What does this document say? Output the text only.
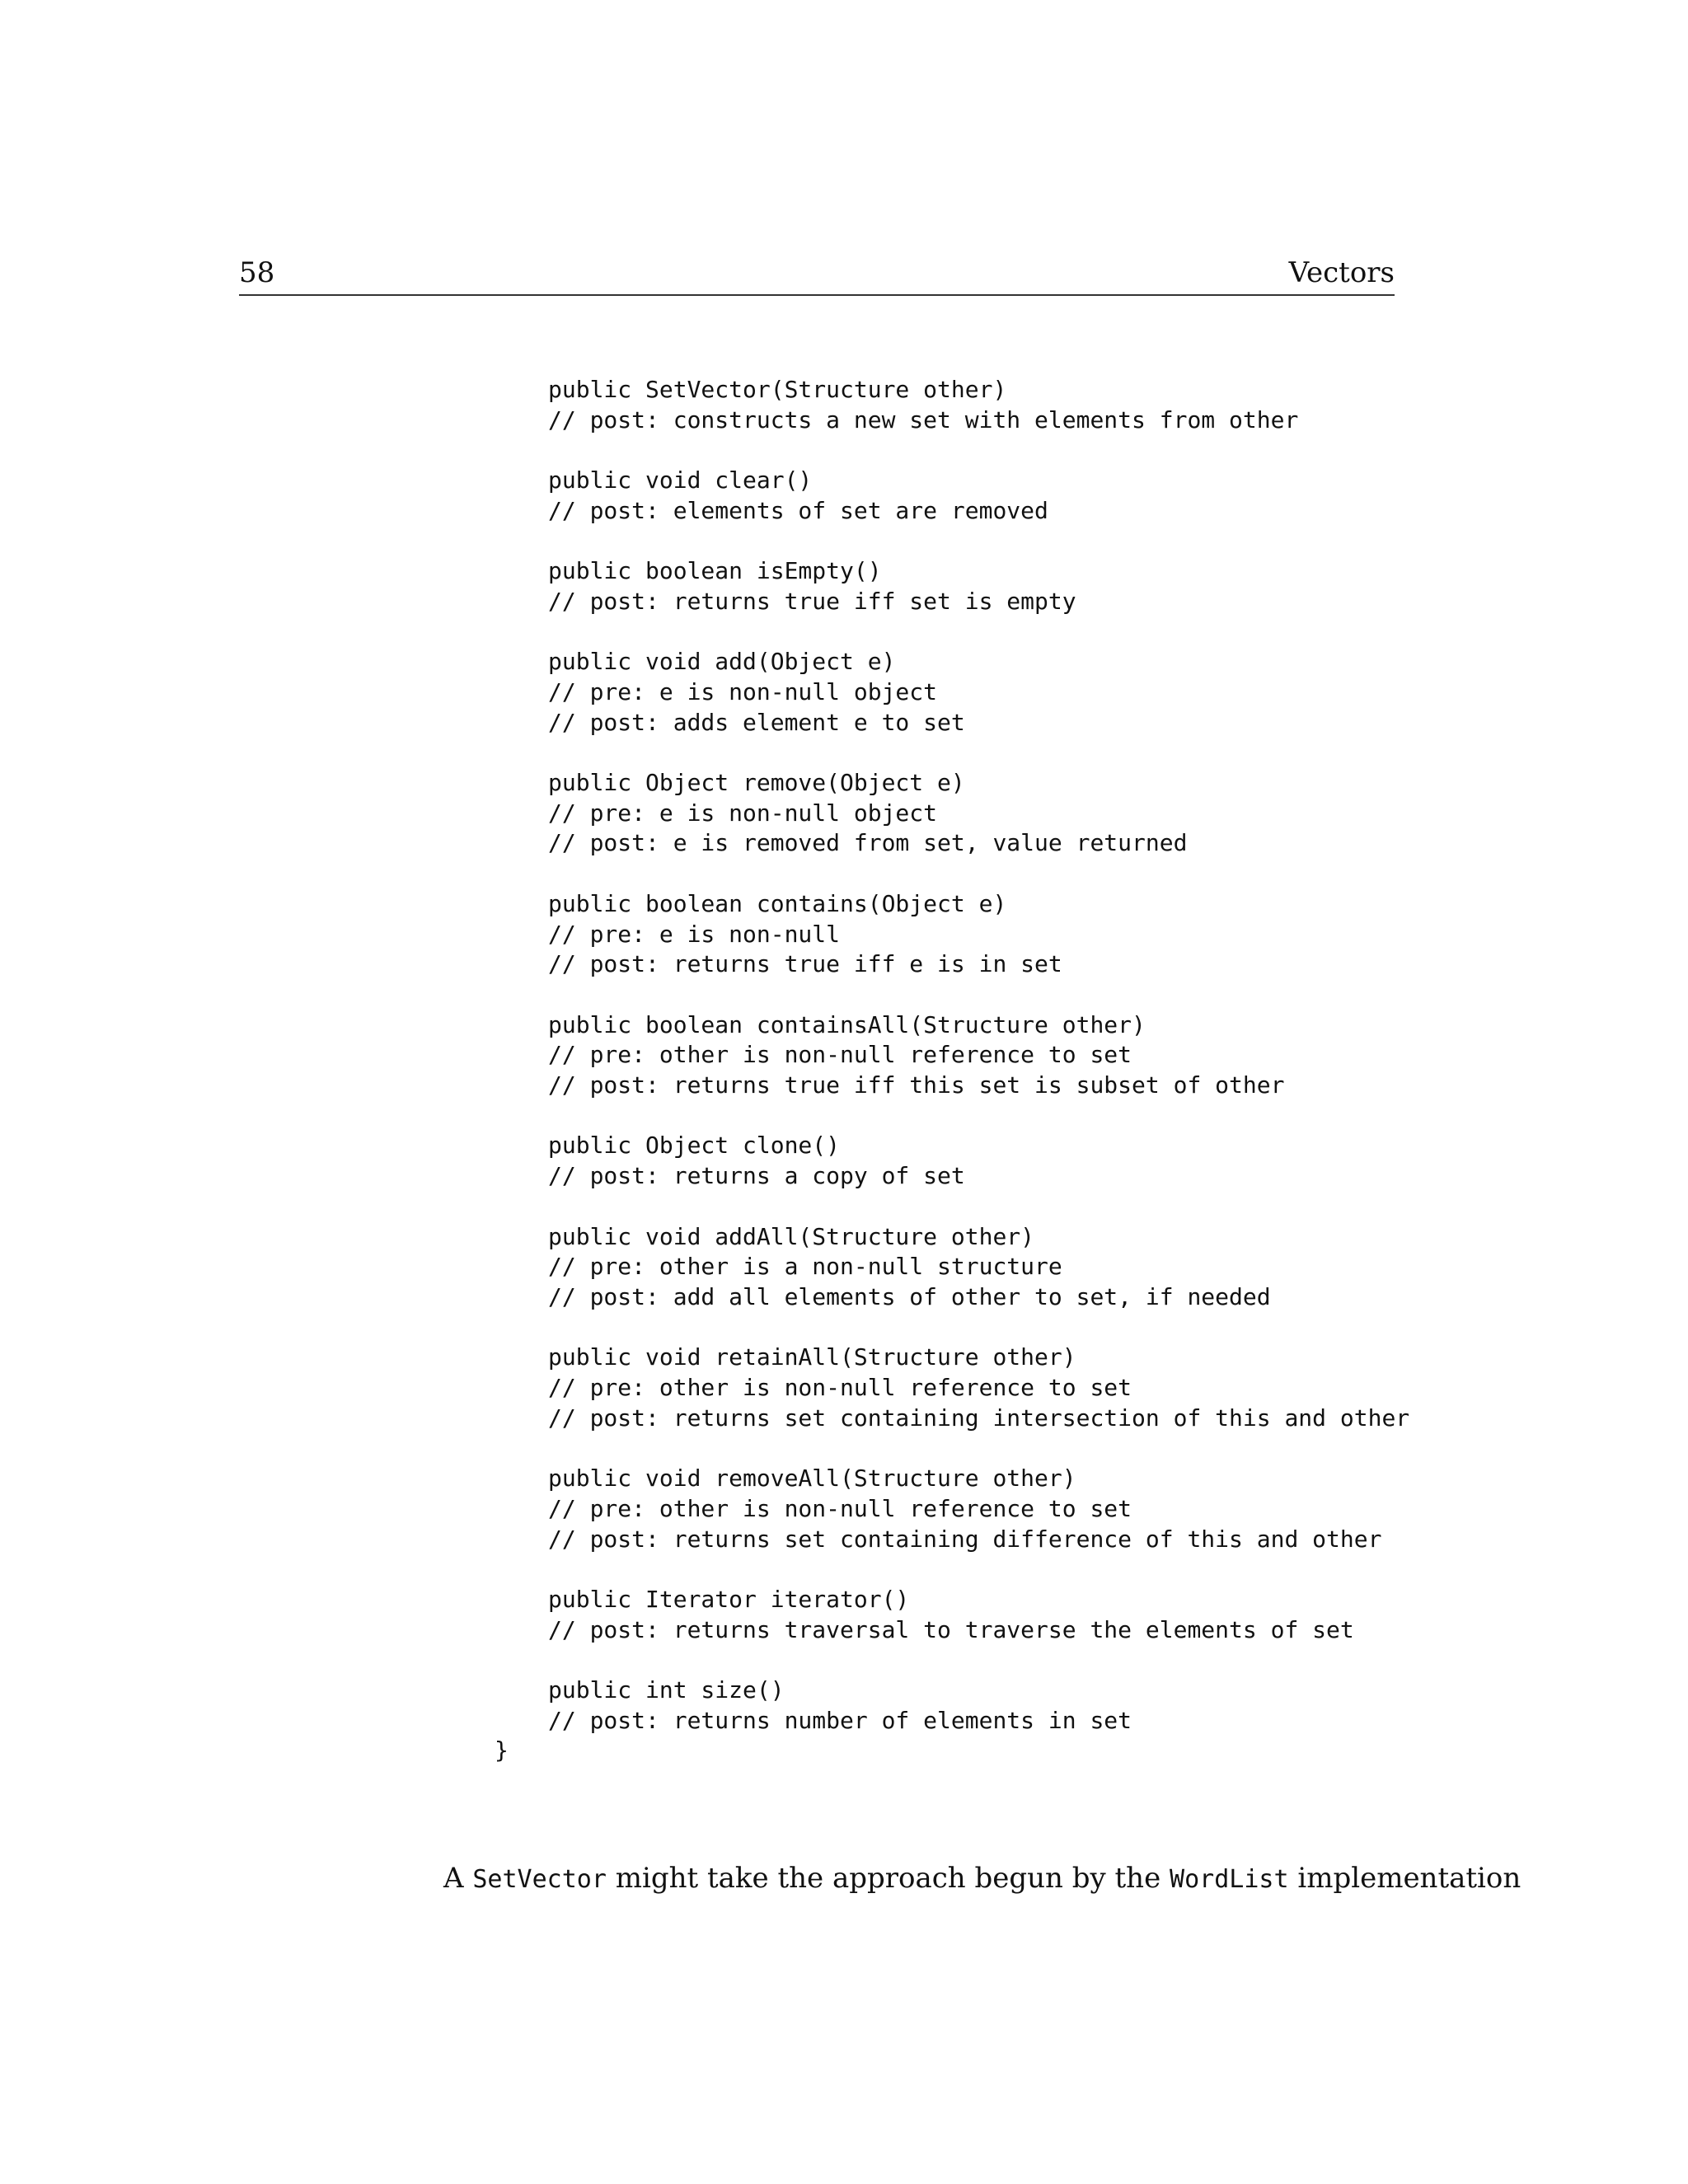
58	Vectors
public SetVector(Structure other)
// post: constructs a new set with elements from other
public void clear()
// post: elements of set are removed
public boolean isEmpty()
// post: returns true iff set is empty
public void add(Object e)
// pre: e is non-null object
// post: adds element e to set
public Object remove(Object e)
// pre: e is non-null object
// post: e is removed from set, value returned
public boolean contains(Object e)
// pre: e is non-null
// post: returns true iff e is in set
public boolean containsAll(Structure other)
// pre: other is non-null reference to set
// post: returns true iff this set is subset of other
public Object clone()
// post: returns a copy of set
public void addAll(Structure other)
// pre: other is a non-null structure
// post: add all elements of other to set, if needed
public void retainAll(Structure other)
// pre: other is non-null reference to set
// post: returns set containing intersection of this and other
public void removeAll(Structure other)
// pre: other is non-null reference to set
// post: returns set containing difference of this and other
public Iterator iterator()
// post: returns traversal to traverse the elements of set
public int size()
// post: returns number of elements in set
}

A SetVector might take the approach begun by the WordList implementation
